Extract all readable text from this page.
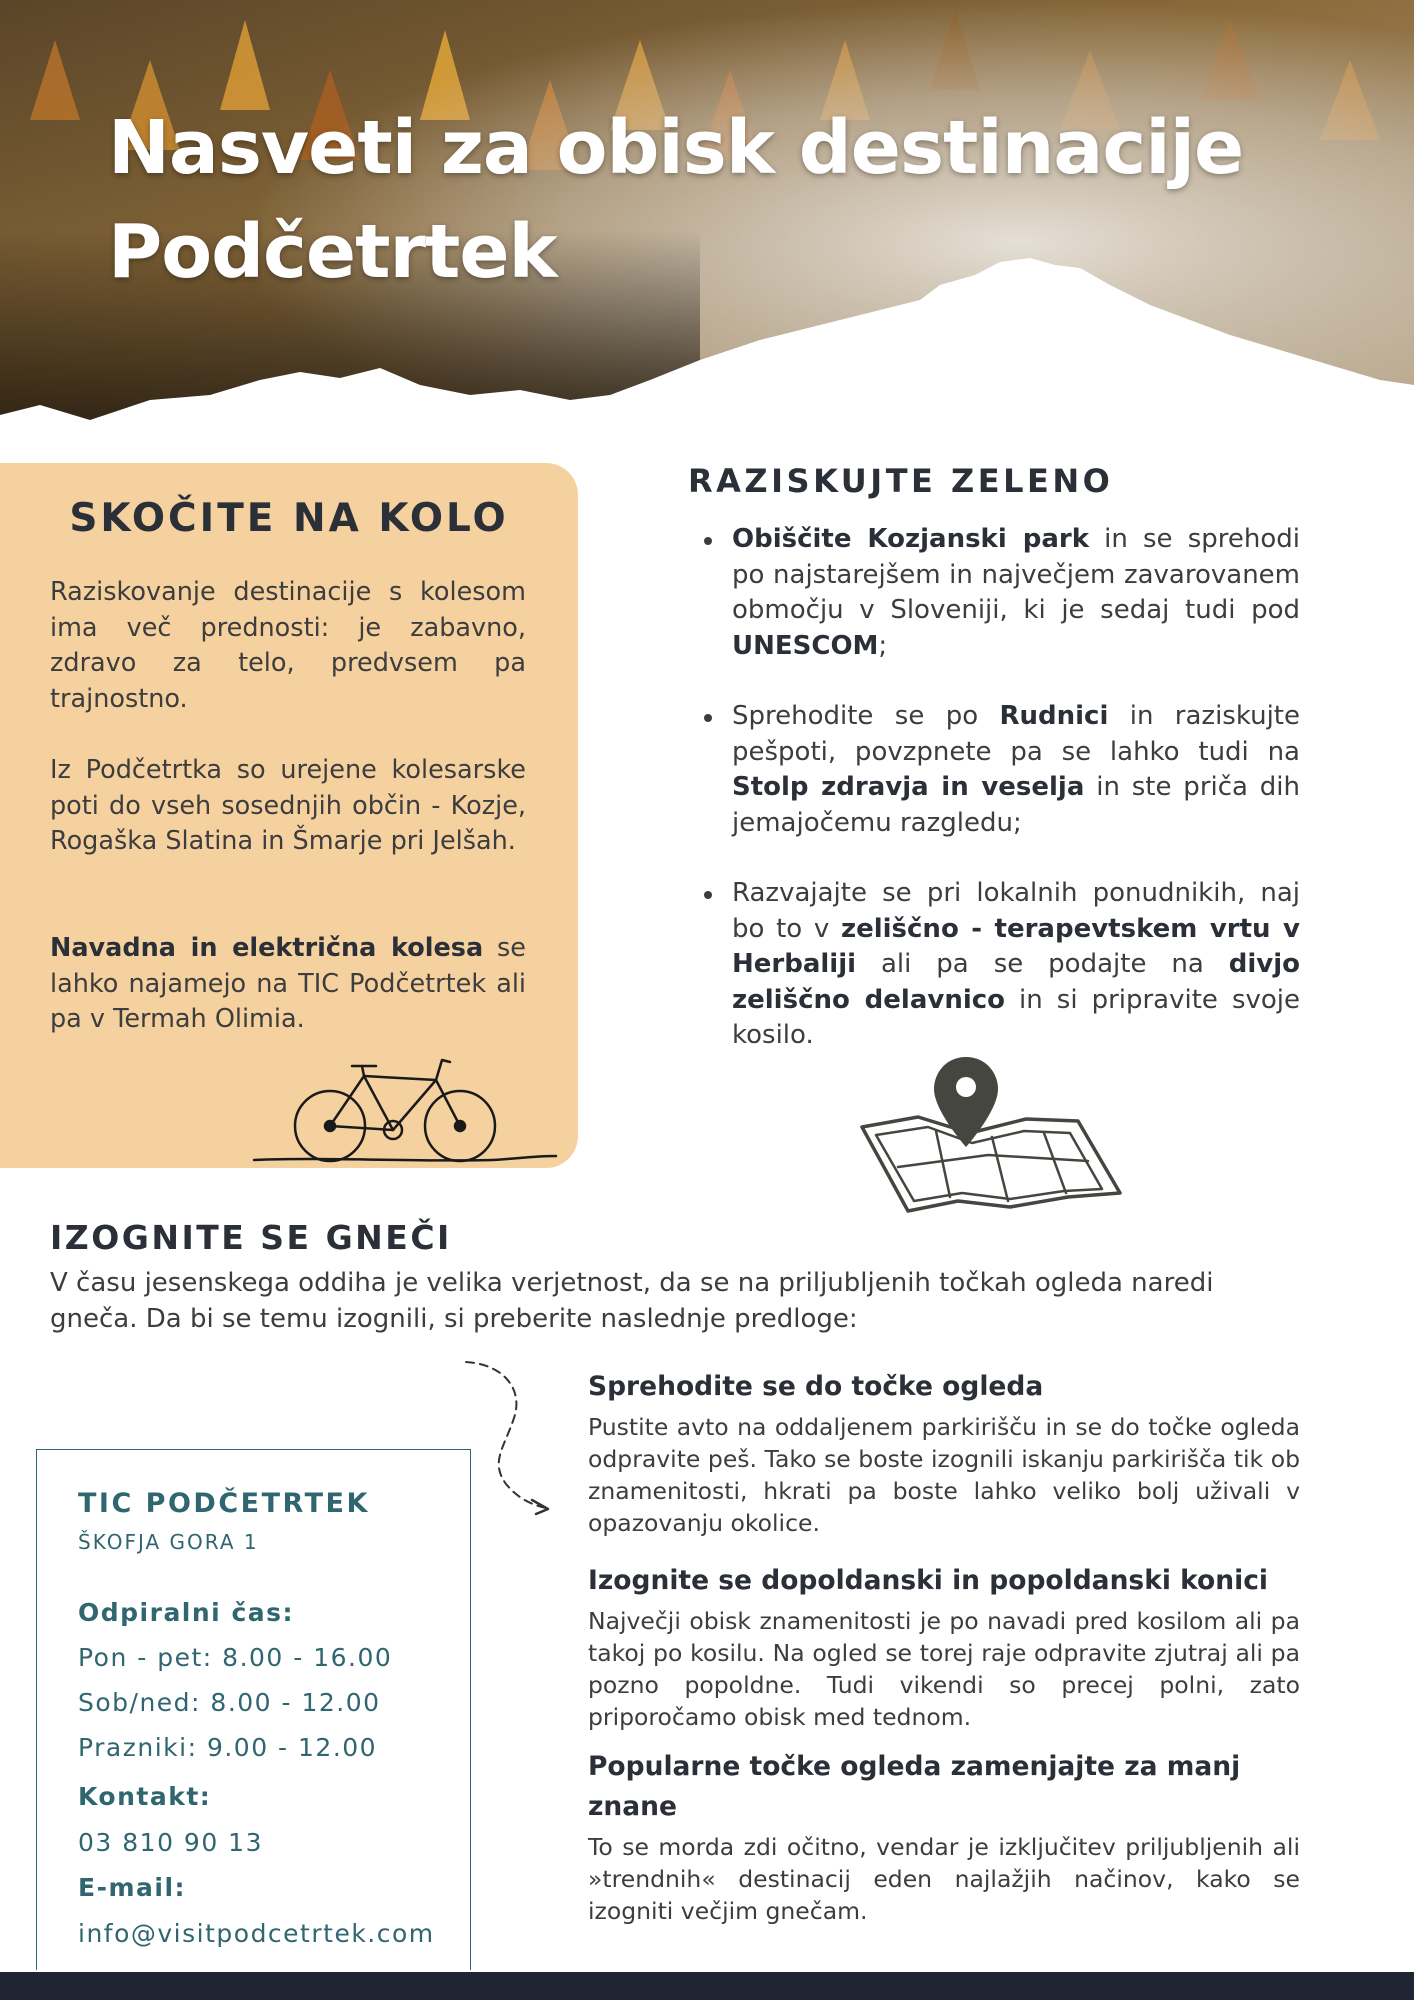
Nasveti za obisk destinacije
Podčetrtek
SKOČITE NA KOLO

Raziskovanje destinacije s kolesom ima več prednosti: je zabavno, zdravo za telo, predvsem pa trajnostno.

Iz Podčetrtka so urejene kolesarske poti do vseh sosednjih občin - Kozje, Rogaška Slatina in Šmarje pri Jelšah.

Navadna in električna kolesa se lahko najamejo na TIC Podčetrtek ali pa v Termah Olimia.

RAZISKUJTE ZELENO
Obiščite Kozjanski park in se sprehodi po najstarejšem in največjem zavarovanem območju v Sloveniji, ki je sedaj tudi pod UNESCOM;
Sprehodite se po Rudnici in raziskujte pešpoti, povzpnete pa se lahko tudi na Stolp zdravja in veselja in ste priča dih jemajočemu razgledu;
Razvajajte se pri lokalnih ponudnikih, naj bo to v zeliščno - terapevtskem vrtu v Herbaliji ali pa se podajte na divjo zeliščno delavnico in si pripravite svoje kosilo.
IZOGNITE SE GNEČI

V času jesenskega oddiha je velika verjetnost, da se na priljubljenih točkah ogleda naredi gneča. Da bi se temu izognili, si preberite naslednje predloge:

Sprehodite se do točke ogleda

Pustite avto na oddaljenem parkirišču in se do točke ogleda odpravite peš. Tako se boste izognili iskanju parkirišča tik ob znamenitosti, hkrati pa boste lahko veliko bolj uživali v opazovanju okolice.

Izognite se dopoldanski in popoldanski konici

Največji obisk znamenitosti je po navadi pred kosilom ali pa takoj po kosilu. Na ogled se torej raje odpravite zjutraj ali pa pozno popoldne. Tudi vikendi so precej polni, zato priporočamo obisk med tednom.

Popularne točke ogleda zamenjajte za manj znane

To se morda zdi očitno, vendar je izključitev priljubljenih ali »trendnih« destinacij eden najlažjih načinov, kako se izogniti večjim gnečam.

TIC PODČETRTEK

ŠKOFJA GORA 1

Odpiralni čas:

Pon - pet: 8.00 - 16.00

Sob/ned: 8.00 - 12.00

Prazniki: 9.00 - 12.00

Kontakt:

03 810 90 13

E-mail:

info@visitpodcetrtek.com
